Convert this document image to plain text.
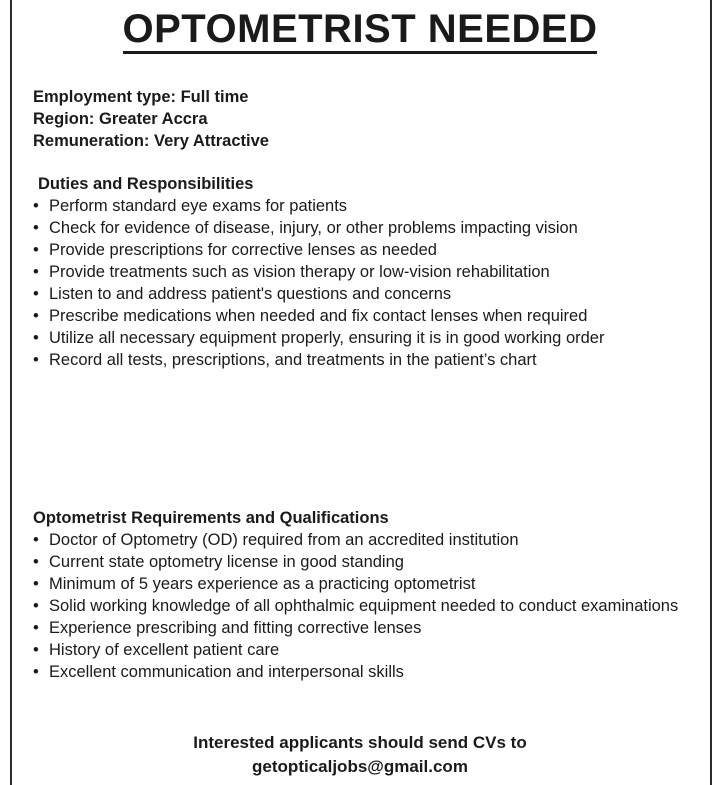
OPTOMETRIST NEEDED
Employment type: Full time
Region: Greater Accra
Remuneration: Very Attractive
Duties and Responsibilities
• Perform standard eye exams for patients
• Check for evidence of disease, injury, or other problems impacting vision
• Provide prescriptions for corrective lenses as needed
• Provide treatments such as vision therapy or low-vision rehabilitation
• Listen to and address patient's questions and concerns
• Prescribe medications when needed and fix contact lenses when required
• Utilize all necessary equipment properly, ensuring it is in good working order
• Record all tests, prescriptions, and treatments in the patient’s chart
Optometrist Requirements and Qualifications
• Doctor of Optometry (OD) required from an accredited institution
• Current state optometry license in good standing
• Minimum of 5 years experience as a practicing optometrist
• Solid working knowledge of all ophthalmic equipment needed to conduct examinations
• Experience prescribing and fitting corrective lenses
• History of excellent patient care
• Excellent communication and interpersonal skills
Interested applicants should send CVs to
getopticaljobs@gmail.com
